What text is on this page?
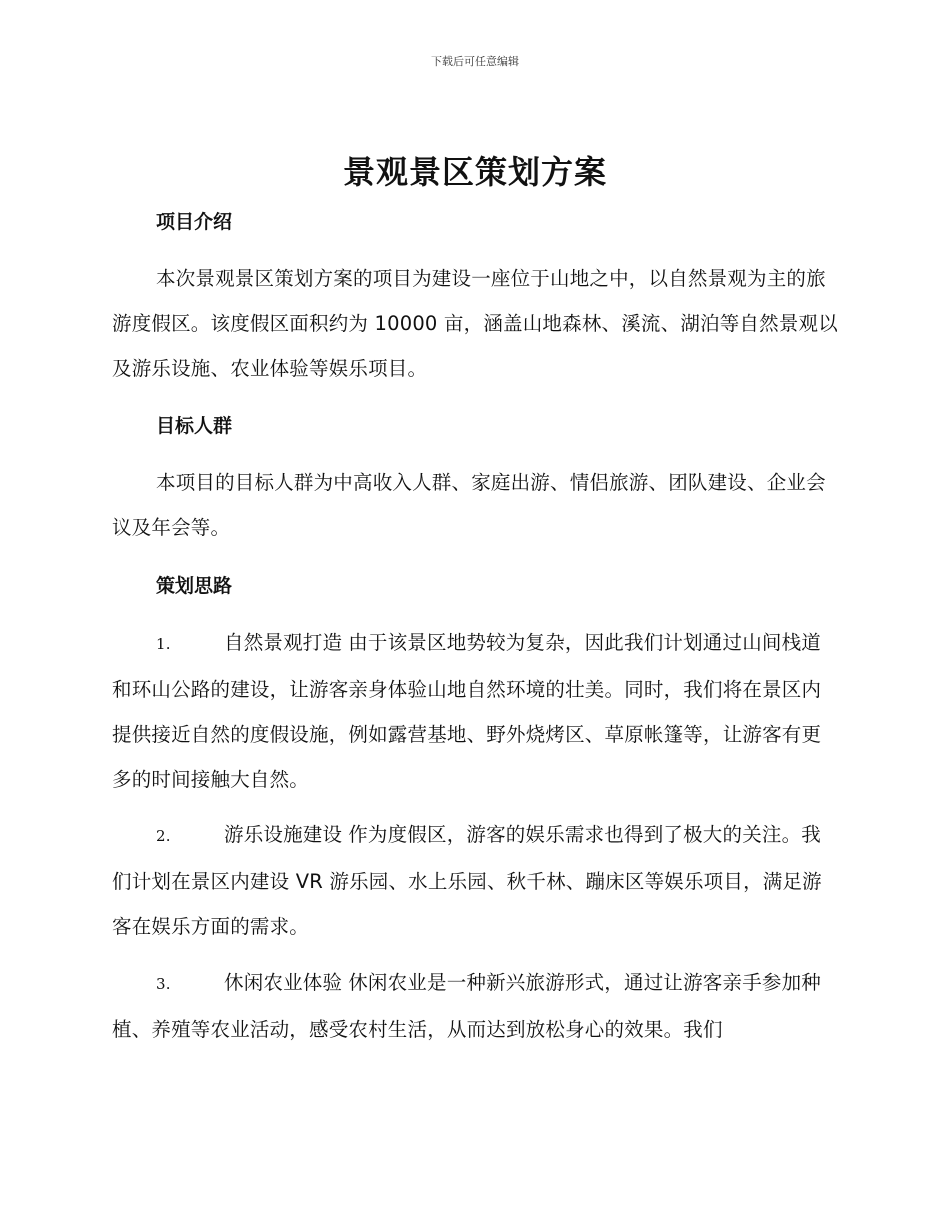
下载后可任意编辑
景观景区策划方案
项目介绍

本次景观景区策划方案的项目为建设一座位于山地之中，以自然景观为主的旅游度假区。该度假区面积约为 10000 亩，涵盖山地森林、溪流、湖泊等自然景观以及游乐设施、农业体验等娱乐项目。

目标人群

本项目的目标人群为中高收入人群、家庭出游、情侣旅游、团队建设、企业会议及年会等。

策划思路

1.	自然景观打造 由于该景区地势较为复杂，因此我们计划通过山间栈道和环山公路的建设，让游客亲身体验山地自然环境的壮美。同时，我们将在景区内提供接近自然的度假设施，例如露营基地、野外烧烤区、草原帐篷等，让游客有更多的时间接触大自然。

2.	游乐设施建设 作为度假区，游客的娱乐需求也得到了极大的关注。我们计划在景区内建设 VR 游乐园、水上乐园、秋千林、蹦床区等娱乐项目，满足游客在娱乐方面的需求。

3.	休闲农业体验 休闲农业是一种新兴旅游形式，通过让游客亲手参加种植、养殖等农业活动，感受农村生活，从而达到放松身心的效果。我们
